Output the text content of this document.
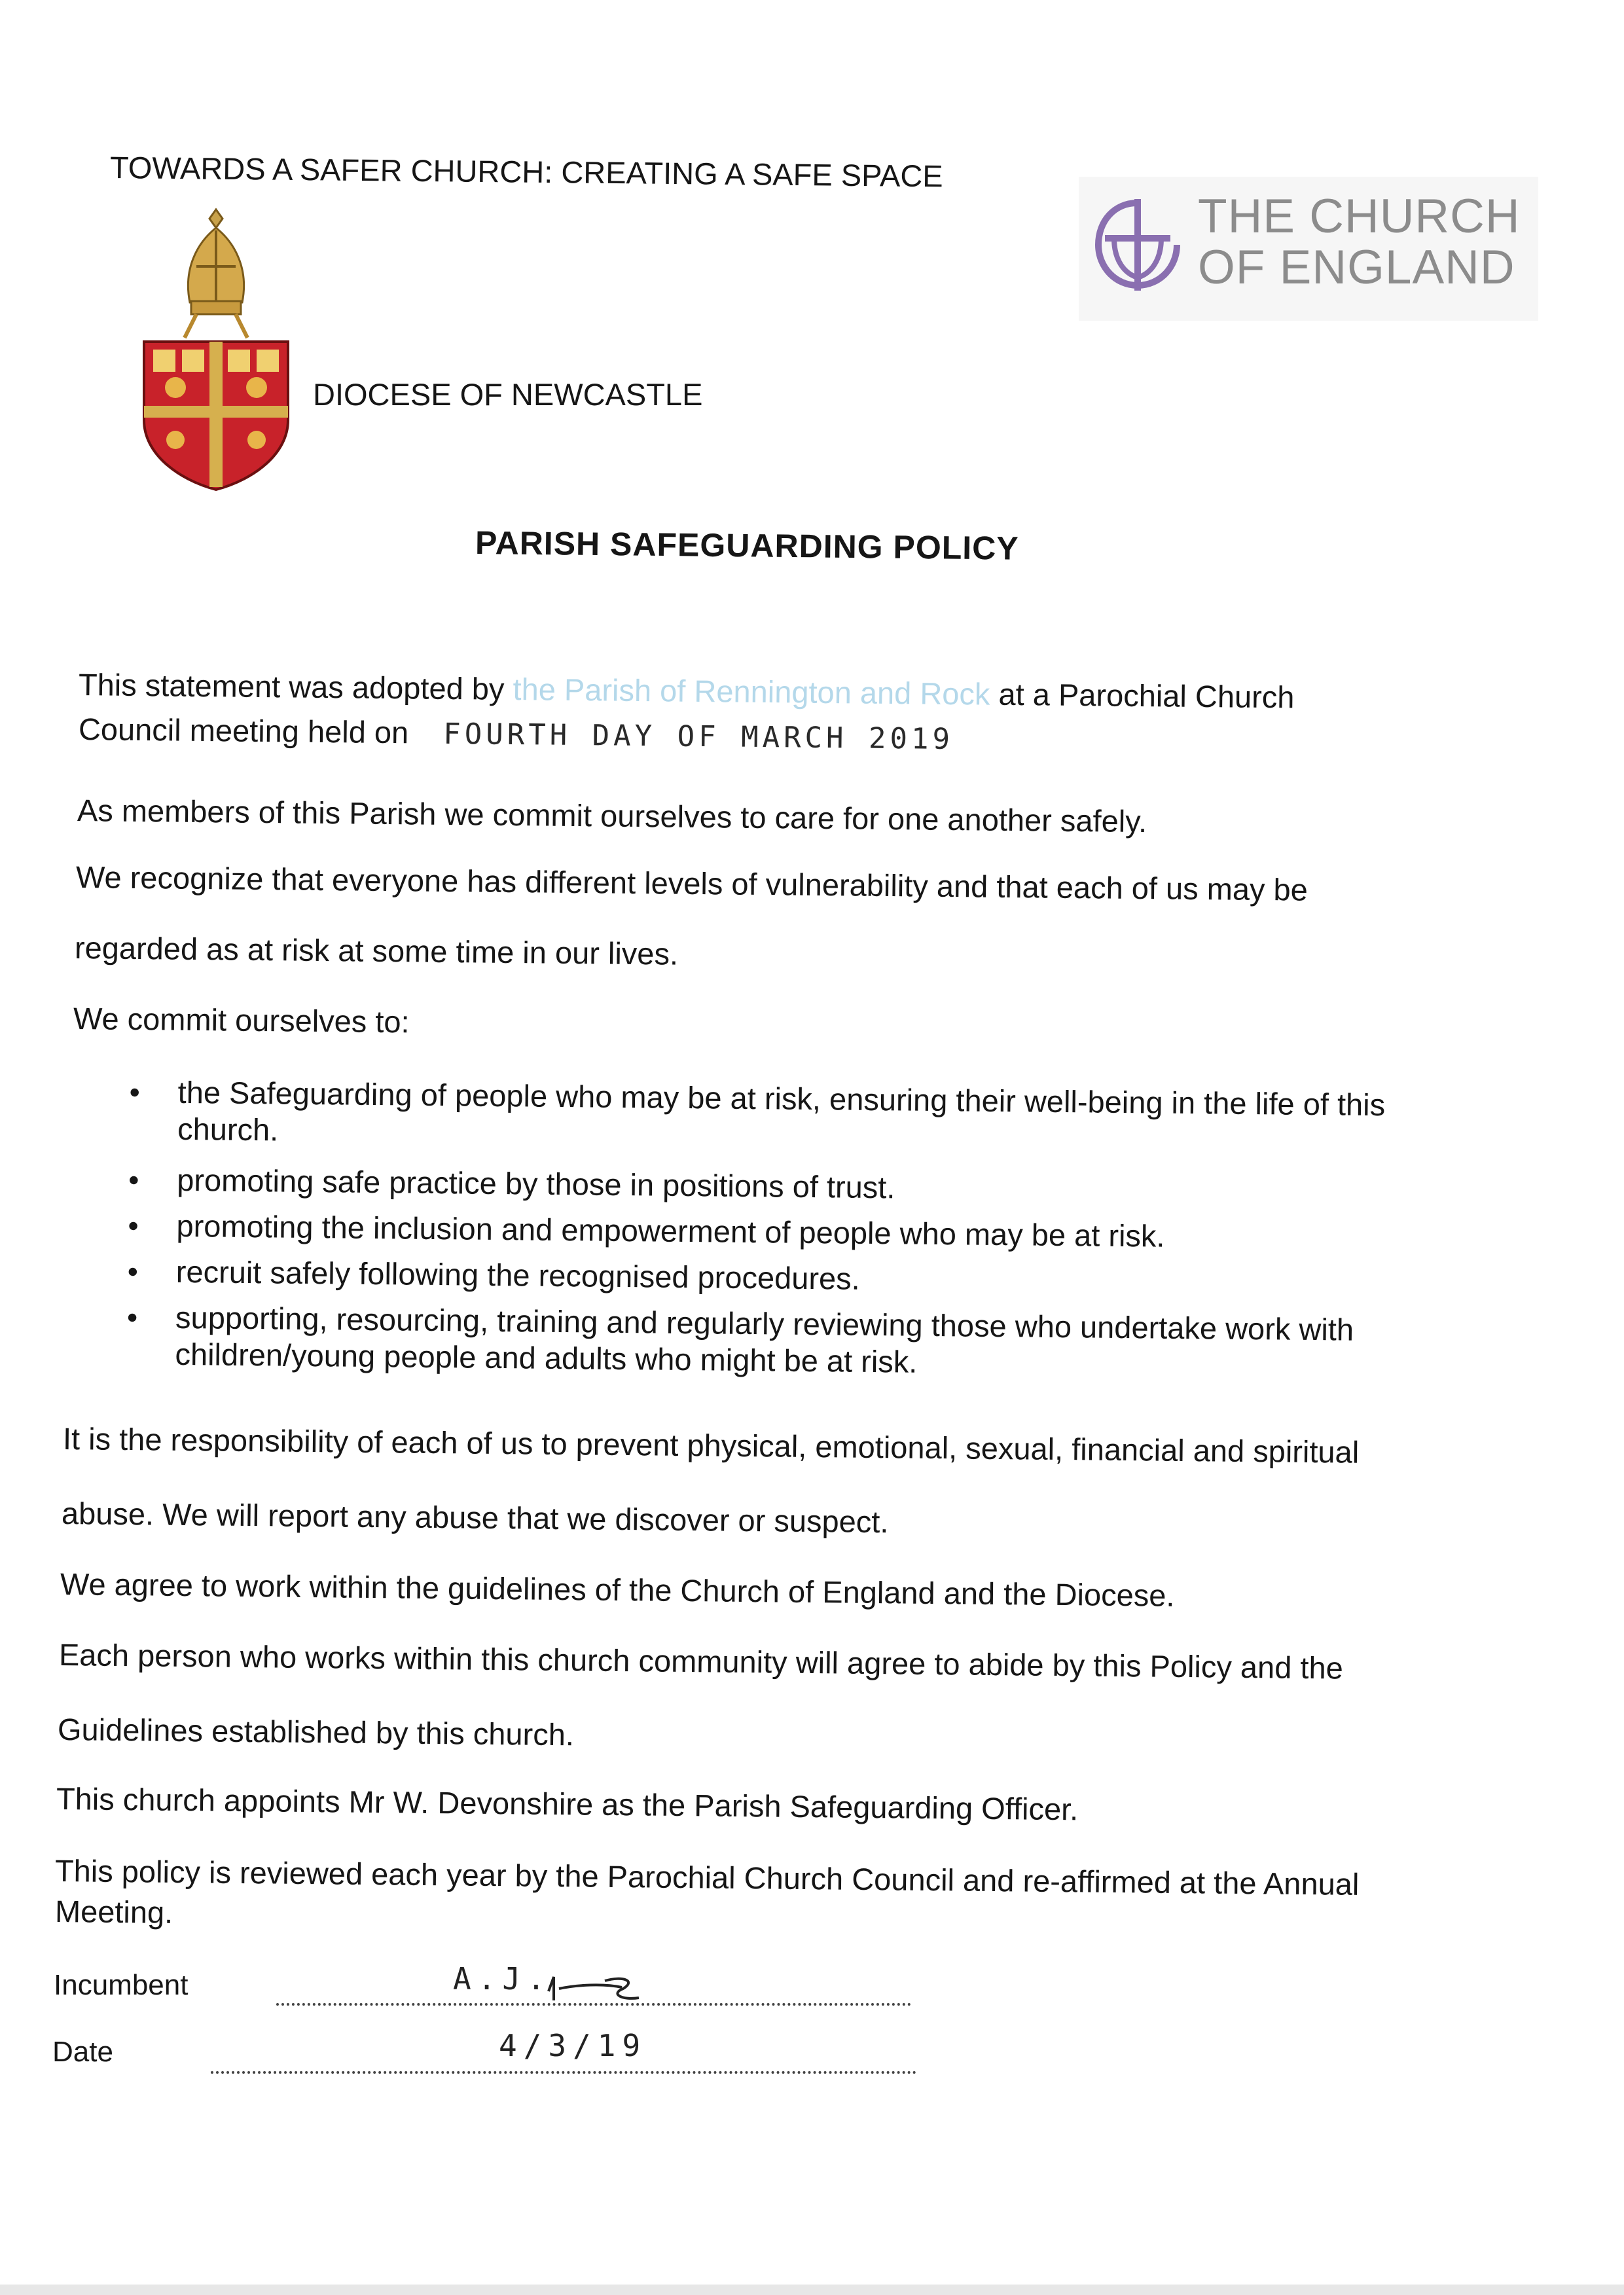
TOWARDS A SAFER CHURCH: CREATING A SAFE SPACE
DIOCESE OF NEWCASTLE
THE CHURCH
OF ENGLAND
PARISH SAFEGUARDING POLICY
This statement was adopted by the Parish of Rennington and Rock at a Parochial Church
Council meeting held on FOURTH DAY OF MARCH 2019
As members of this Parish we commit ourselves to care for one another safely.
We recognize that everyone has different levels of vulnerability and that each of us may be
regarded as at risk at some time in our lives.
We commit ourselves to:
• the Safeguarding of people who may be at risk, ensuring their well-being in the life of this
church.
• promoting safe practice by those in positions of trust.
• promoting the inclusion and empowerment of people who may be at risk.
• recruit safely following the recognised procedures.
• supporting, resourcing, training and regularly reviewing those who undertake work with
children/young people and adults who might be at risk.
It is the responsibility of each of us to prevent physical, emotional, sexual, financial and spiritual
abuse. We will report any abuse that we discover or suspect.
We agree to work within the guidelines of the Church of England and the Diocese.
Each person who works within this church community will agree to abide by this Policy and the
Guidelines established by this church.
This church appoints Mr W. Devonshire as the Parish Safeguarding Officer.
This policy is reviewed each year by the Parochial Church Council and re-affirmed at the Annual
Meeting.
Incumbent	A.J.
Date	4/3/19
